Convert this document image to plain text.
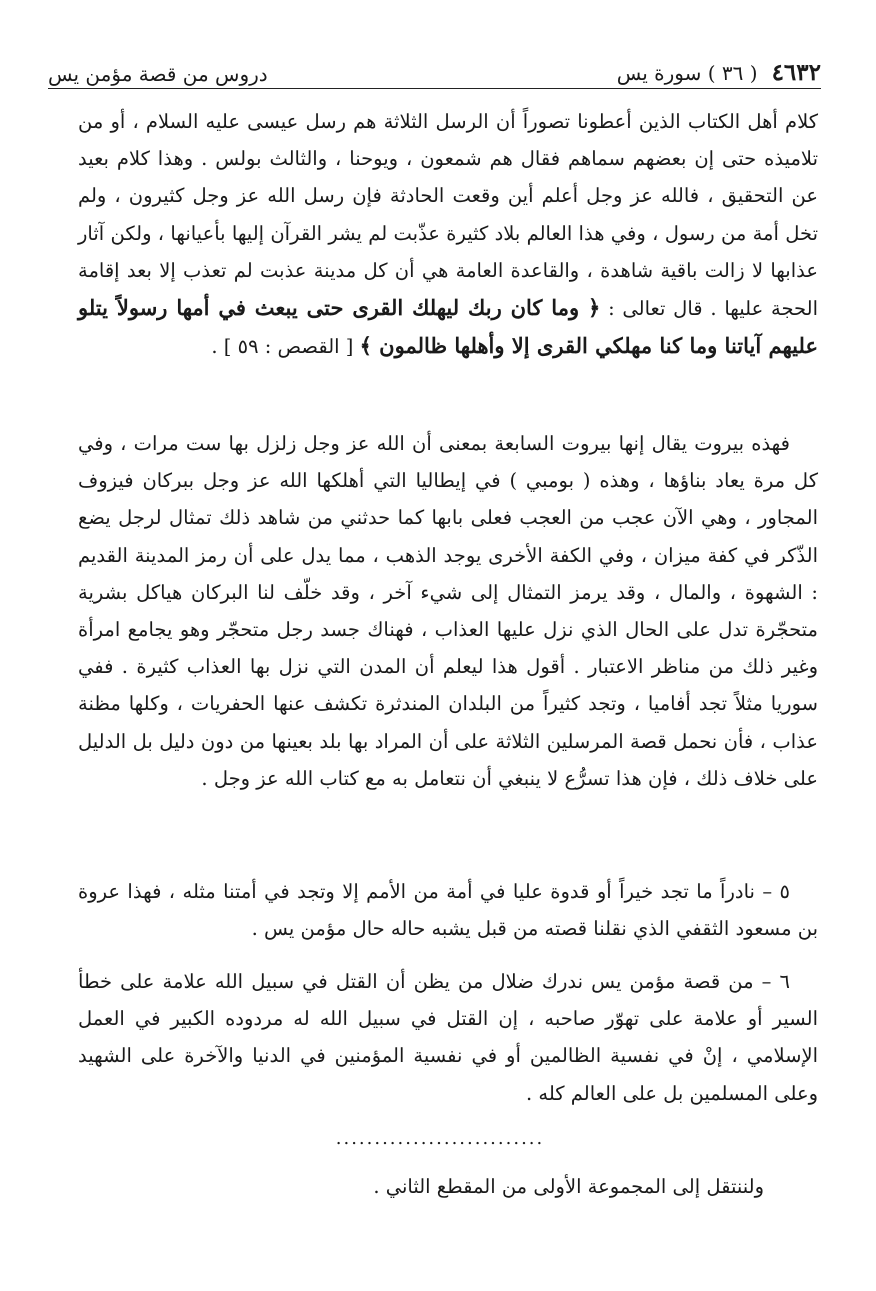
٤٦٣٢
( ٣٦ ) سورة يس
دروس من قصة مؤمن يس
كلام أهل الكتاب الذين أعطونا تصوراً أن الرسل الثلاثة هم رسل عيسى عليه السلام ، أو من تلاميذه حتى إن بعضهم سماهم فقال هم شمعون ، ويوحنا ، والثالث بولس . وهذا كلام بعيد عن التحقيق ، فالله عز وجل أعلم أين وقعت الحادثة فإن رسل الله عز وجل كثيرون ، ولم تخل أمة من رسول ، وفي هذا العالم بلاد كثيرة عذّبت لم يشر القرآن إليها بأعيانها ، ولكن آثار عذابها لا زالت باقية شاهدة ، والقاعدة العامة هي أن كل مدينة عذبت لم تعذب إلا بعد إقامة الحجة عليها . قال تعالى : ﴿ وما كان ربك ليهلك القرى حتى يبعث في أمها رسولاً يتلو عليهم آياتنا وما كنا مهلكي القرى إلا وأهلها ظالمون ﴾ [ القصص : ٥٩ ] .
فهذه بيروت يقال إنها بيروت السابعة بمعنى أن الله عز وجل زلزل بها ست مرات ، وفي كل مرة يعاد بناؤها ، وهذه ( بومبي ) في إيطاليا التي أهلكها الله عز وجل ببركان فيزوف المجاور ، وهي الآن عجب من العجب فعلى بابها كما حدثني من شاهد ذلك تمثال لرجل يضع الذّكر في كفة ميزان ، وفي الكفة الأخرى يوجد الذهب ، مما يدل على أن رمز المدينة القديم : الشهوة ، والمال ، وقد يرمز التمثال إلى شيء آخر ، وقد خلّف لنا البركان هياكل بشرية متحجّرة تدل على الحال الذي نزل عليها العذاب ، فهناك جسد رجل متحجّر وهو يجامع امرأة وغير ذلك من مناظر الاعتبار . أقول هذا ليعلم أن المدن التي نزل بها العذاب كثيرة . ففي سوريا مثلاً تجد أفاميا ، وتجد كثيراً من البلدان المندثرة تكشف عنها الحفريات ، وكلها مظنة عذاب ، فأن نحمل قصة المرسلين الثلاثة على أن المراد بها بلد بعينها من دون دليل بل الدليل على خلاف ذلك ، فإن هذا تسرُّع لا ينبغي أن نتعامل به مع كتاب الله عز وجل .
٥ – نادراً ما تجد خيراً أو قدوة عليا في أمة من الأمم إلا وتجد في أمتنا مثله ، فهذا عروة بن مسعود الثقفي الذي نقلنا قصته من قبل يشبه حاله حال مؤمن يس .
٦ – من قصة مؤمن يس ندرك ضلال من يظن أن القتل في سبيل الله علامة على خطأ السير أو علامة على تهوّر صاحبه ، إن القتل في سبيل الله له مردوده الكبير في العمل الإسلامي ، إنْ في نفسية الظالمين أو في نفسية المؤمنين في الدنيا والآخرة على الشهيد وعلى المسلمين بل على العالم كله .
...........................
ولننتقل إلى المجموعة الأولى من المقطع الثاني .
